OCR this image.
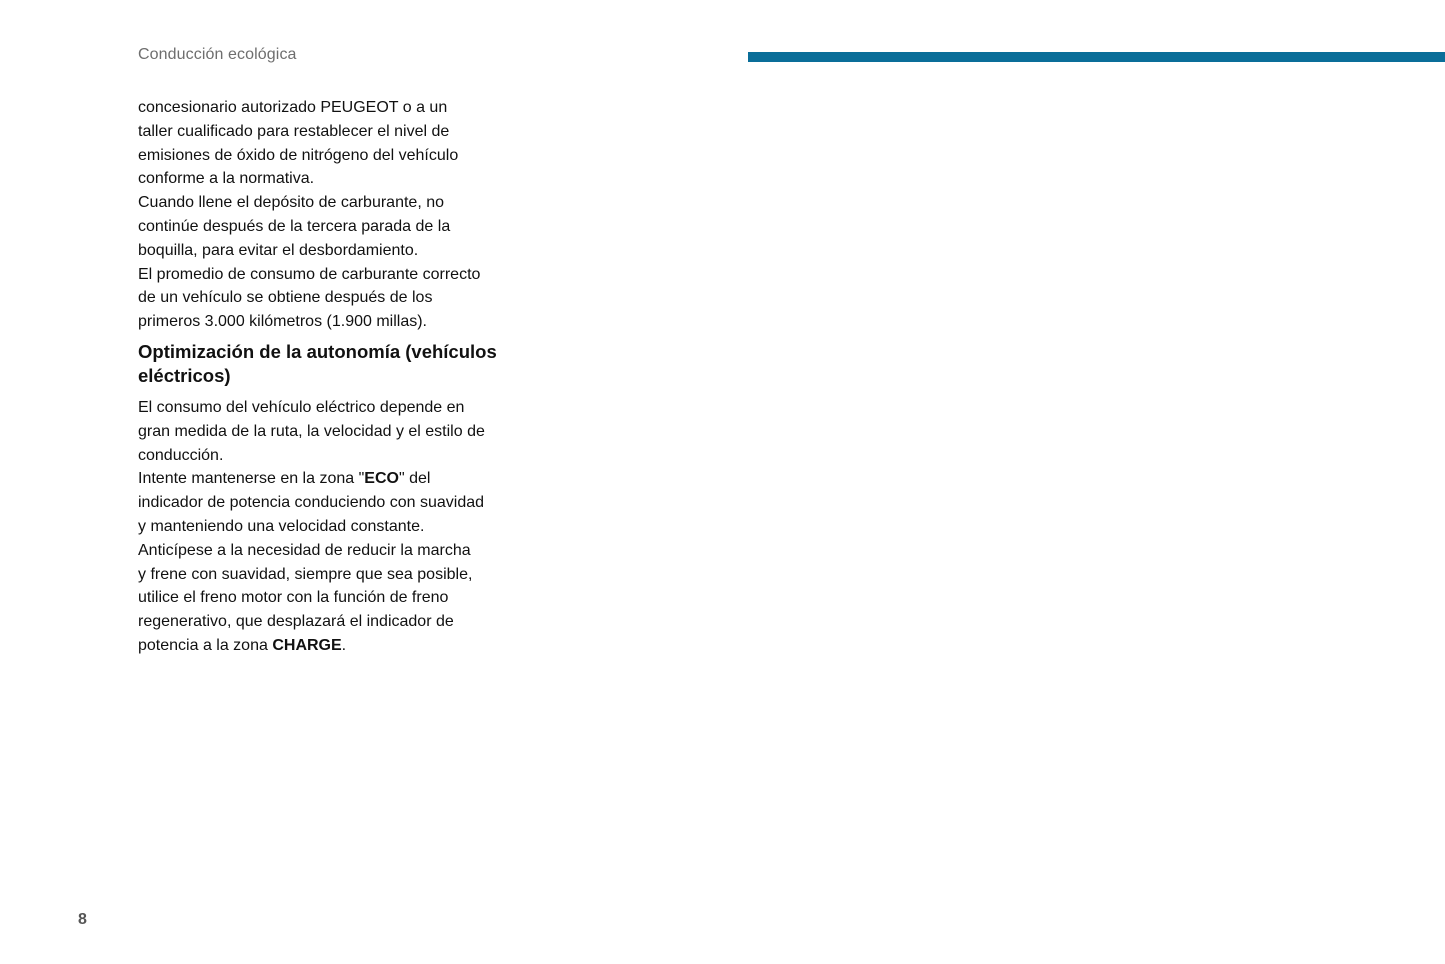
Conducción ecológica

concesionario autorizado PEUGEOT o a un
taller cualificado para restablecer el nivel de
emisiones de óxido de nitrógeno del vehículo
conforme a la normativa.
Cuando llene el depósito de carburante, no
continúe después de la tercera parada de la
boquilla, para evitar el desbordamiento.
El promedio de consumo de carburante correcto
de un vehículo se obtiene después de los
primeros 3.000 kilómetros (1.900 millas).

Optimización de la autonomía (vehículos
eléctricos)

El consumo del vehículo eléctrico depende en
gran medida de la ruta, la velocidad y el estilo de
conducción.
Intente mantenerse en la zona "ECO" del
indicador de potencia conduciendo con suavidad
y manteniendo una velocidad constante.
Anticípese a la necesidad de reducir la marcha
y frene con suavidad, siempre que sea posible,
utilice el freno motor con la función de freno
regenerativo, que desplazará el indicador de
potencia a la zona CHARGE.

8
